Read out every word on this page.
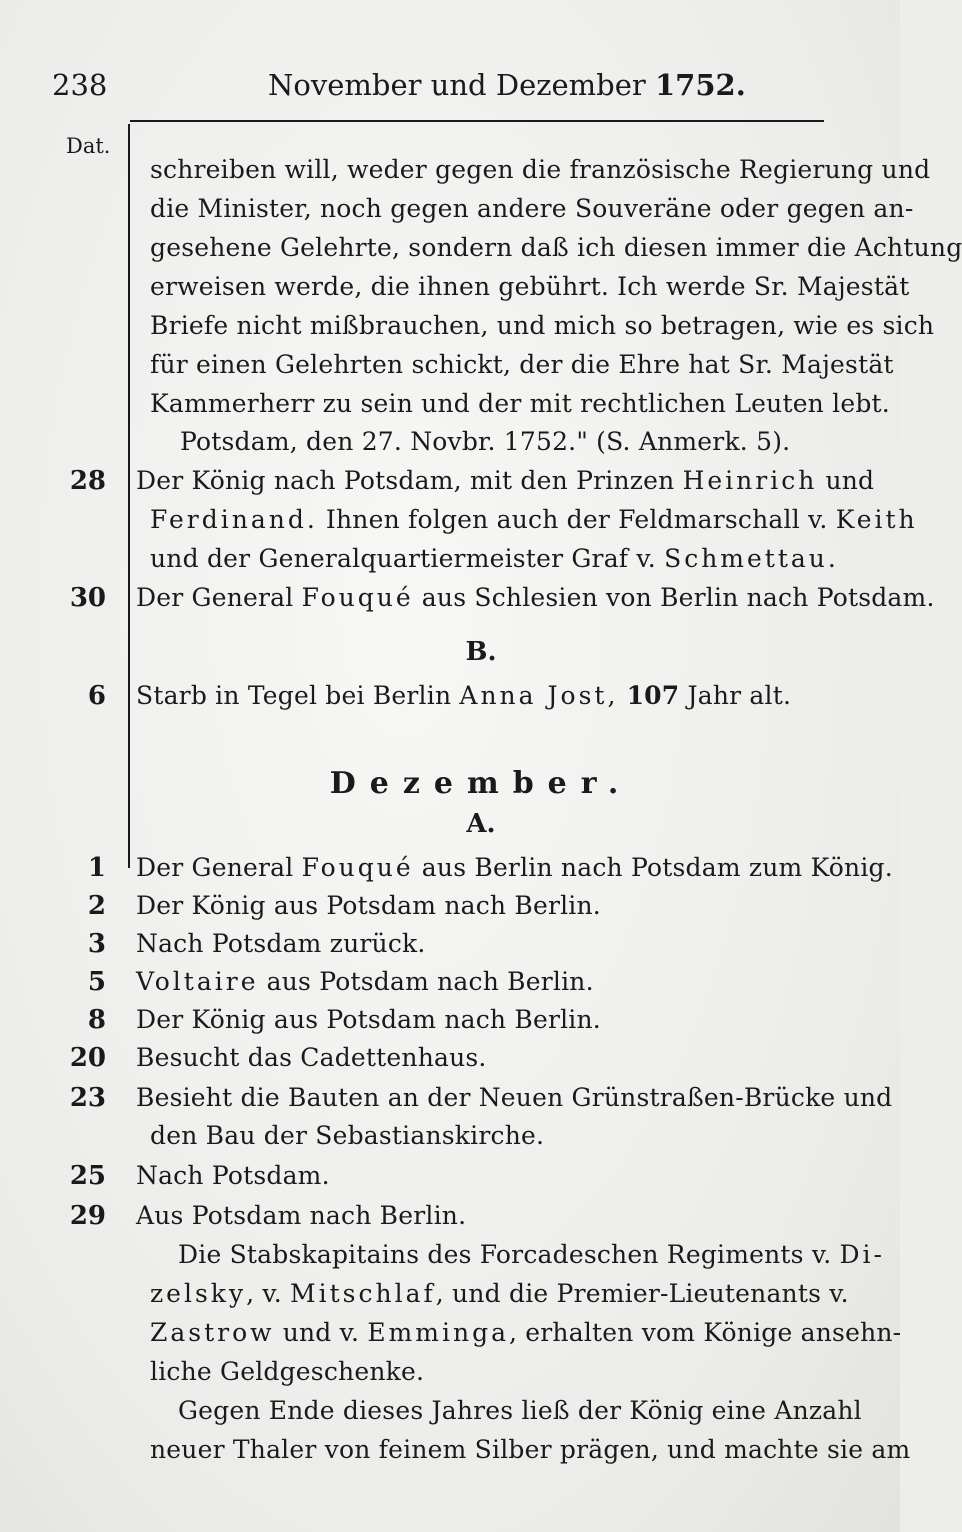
238	November und Dezember 1752.
Dat.
schreiben will, weder gegen die französische Regierung und
die Minister, noch gegen andere Souveräne oder gegen an-
gesehene Gelehrte, sondern daß ich diesen immer die Achtung
erweisen werde, die ihnen gebührt. Ich werde Sr. Majestät
Briefe nicht mißbrauchen, und mich so betragen, wie es sich
für einen Gelehrten schickt, der die Ehre hat Sr. Majestät
Kammerherr zu sein und der mit rechtlichen Leuten lebt.
Potsdam, den 27. Novbr. 1752." (S. Anmerk. 5).
28 Der König nach Potsdam, mit den Prinzen Heinrich und
Ferdinand. Ihnen folgen auch der Feldmarschall v. Keith
und der Generalquartiermeister Graf v. Schmettau.
30 Der General Fouqué aus Schlesien von Berlin nach Potsdam.
B.
6 Starb in Tegel bei Berlin Anna Jost, 107 Jahr alt.
Dezember.
A.
1 Der General Fouqué aus Berlin nach Potsdam zum König.
2 Der König aus Potsdam nach Berlin.
3 Nach Potsdam zurück.
5 Voltaire aus Potsdam nach Berlin.
8 Der König aus Potsdam nach Berlin.
20 Besucht das Cadettenhaus.
23 Besieht die Bauten an der Neuen Grünstraßen-Brücke und
den Bau der Sebastianskirche.
25 Nach Potsdam.
29 Aus Potsdam nach Berlin.
Die Stabskapitains des Forcadeschen Regiments v. Di-
zelsky, v. Mitschlaf, und die Premier-Lieutenants v.
Zastrow und v. Emminga, erhalten vom Könige ansehn-
liche Geldgeschenke.
Gegen Ende dieses Jahres ließ der König eine Anzahl
neuer Thaler von feinem Silber prägen, und machte sie am
